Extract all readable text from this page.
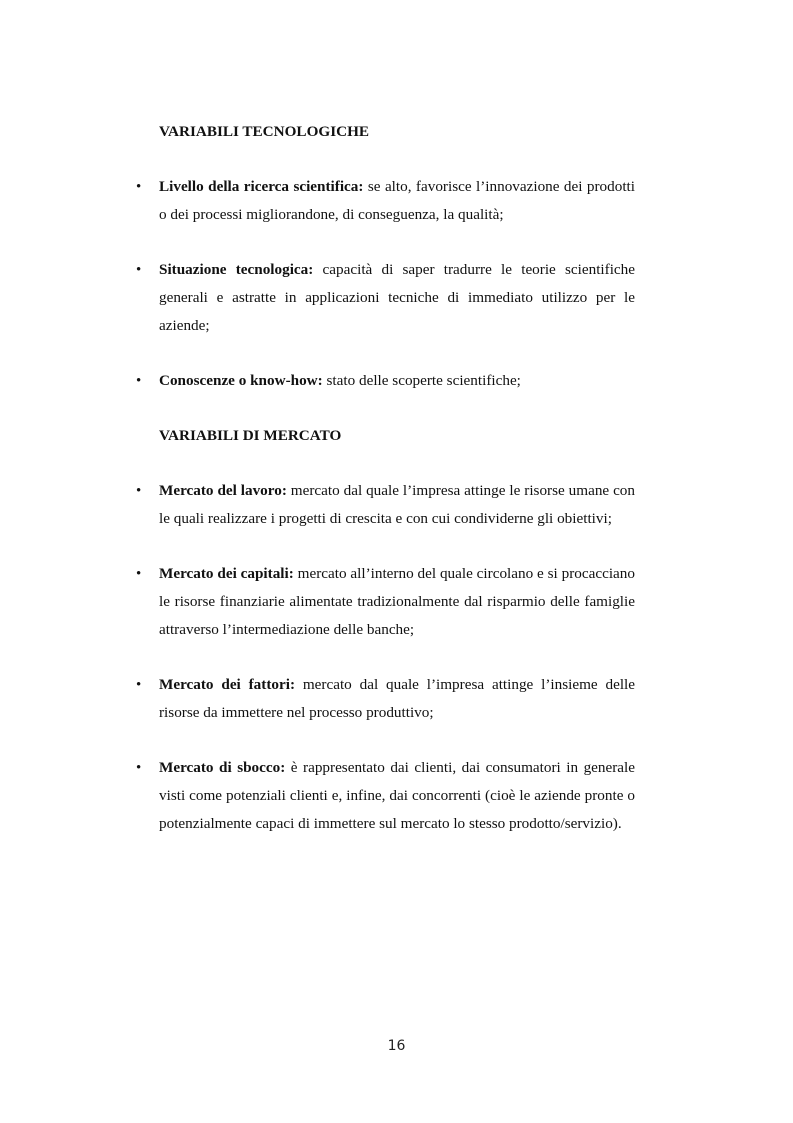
VARIABILI TECNOLOGICHE

• Livello della ricerca scientifica: se alto, favorisce l’innovazione dei prodotti o dei processi migliorandone, di conseguenza, la qualità;
• Situazione tecnologica: capacità di saper tradurre le teorie scientifiche generali e astratte in applicazioni tecniche di immediato utilizzo per le aziende;
• Conoscenze o know-how: stato delle scoperte scientifiche;

VARIABILI DI MERCATO

• Mercato del lavoro: mercato dal quale l’impresa attinge le risorse umane con le quali realizzare i progetti di crescita e con cui condividerne gli obiettivi;
• Mercato dei capitali: mercato all’interno del quale circolano e si procacciano le risorse finanziarie alimentate tradizionalmente dal risparmio delle famiglie attraverso l’intermediazione delle banche;
• Mercato dei fattori: mercato dal quale l’impresa attinge l’insieme delle risorse da immettere nel processo produttivo;
• Mercato di sbocco: è rappresentato dai clienti, dai consumatori in generale visti come potenziali clienti e, infine, dai concorrenti (cioè le aziende pronte o potenzialmente capaci di immettere sul mercato lo stesso prodotto/servizio).
16
